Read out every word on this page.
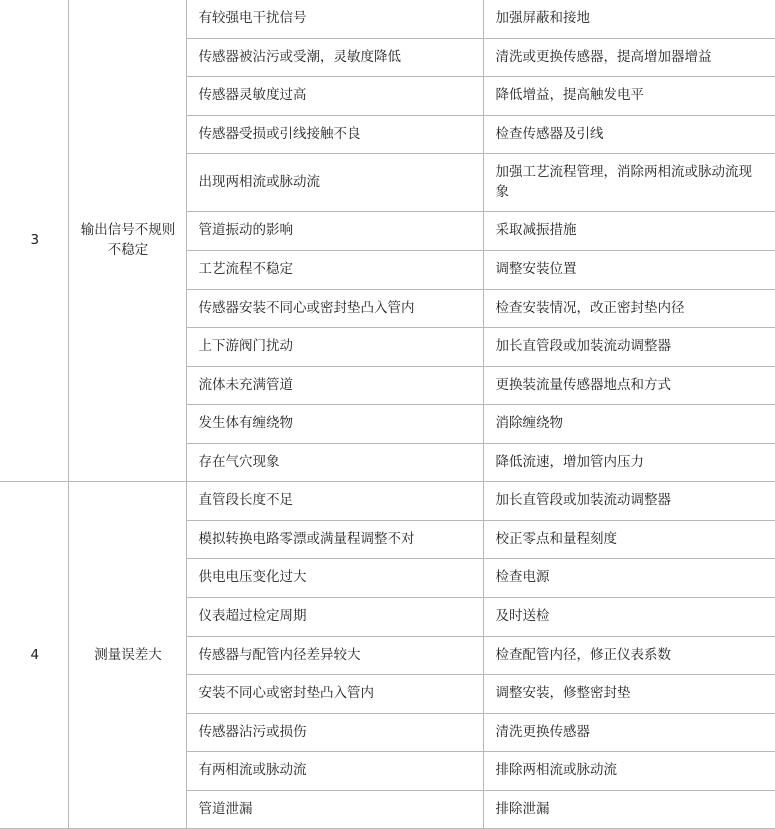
3	输出信号不规则不稳定	有较强电干扰信号	加强屏蔽和接地
		传感器被沾污或受潮，灵敏度降低	清洗或更换传感器，提高增加器增益
		传感器灵敏度过高	降低增益，提高触发电平
		传感器受损或引线接触不良	检查传感器及引线
		出现两相流或脉动流	加强工艺流程管理，消除两相流或脉动流现象
		管道振动的影响	采取减振措施
		工艺流程不稳定	调整安装位置
		传感器安装不同心或密封垫凸入管内	检查安装情况，改正密封垫内径
		上下游阀门扰动	加长直管段或加装流动调整器
		流体未充满管道	更换装流量传感器地点和方式
		发生体有缠绕物	消除缠绕物
		存在气穴现象	降低流速，增加管内压力
4	测量误差大	直管段长度不足	加长直管段或加装流动调整器
		模拟转换电路零漂或满量程调整不对	校正零点和量程刻度
		供电电压变化过大	检查电源
		仪表超过检定周期	及时送检
		传感器与配管内径差异较大	检查配管内径，修正仪表系数
		安装不同心或密封垫凸入管内	调整安装，修整密封垫
		传感器沾污或损伤	清洗更换传感器
		有两相流或脉动流	排除两相流或脉动流
		管道泄漏	排除泄漏
